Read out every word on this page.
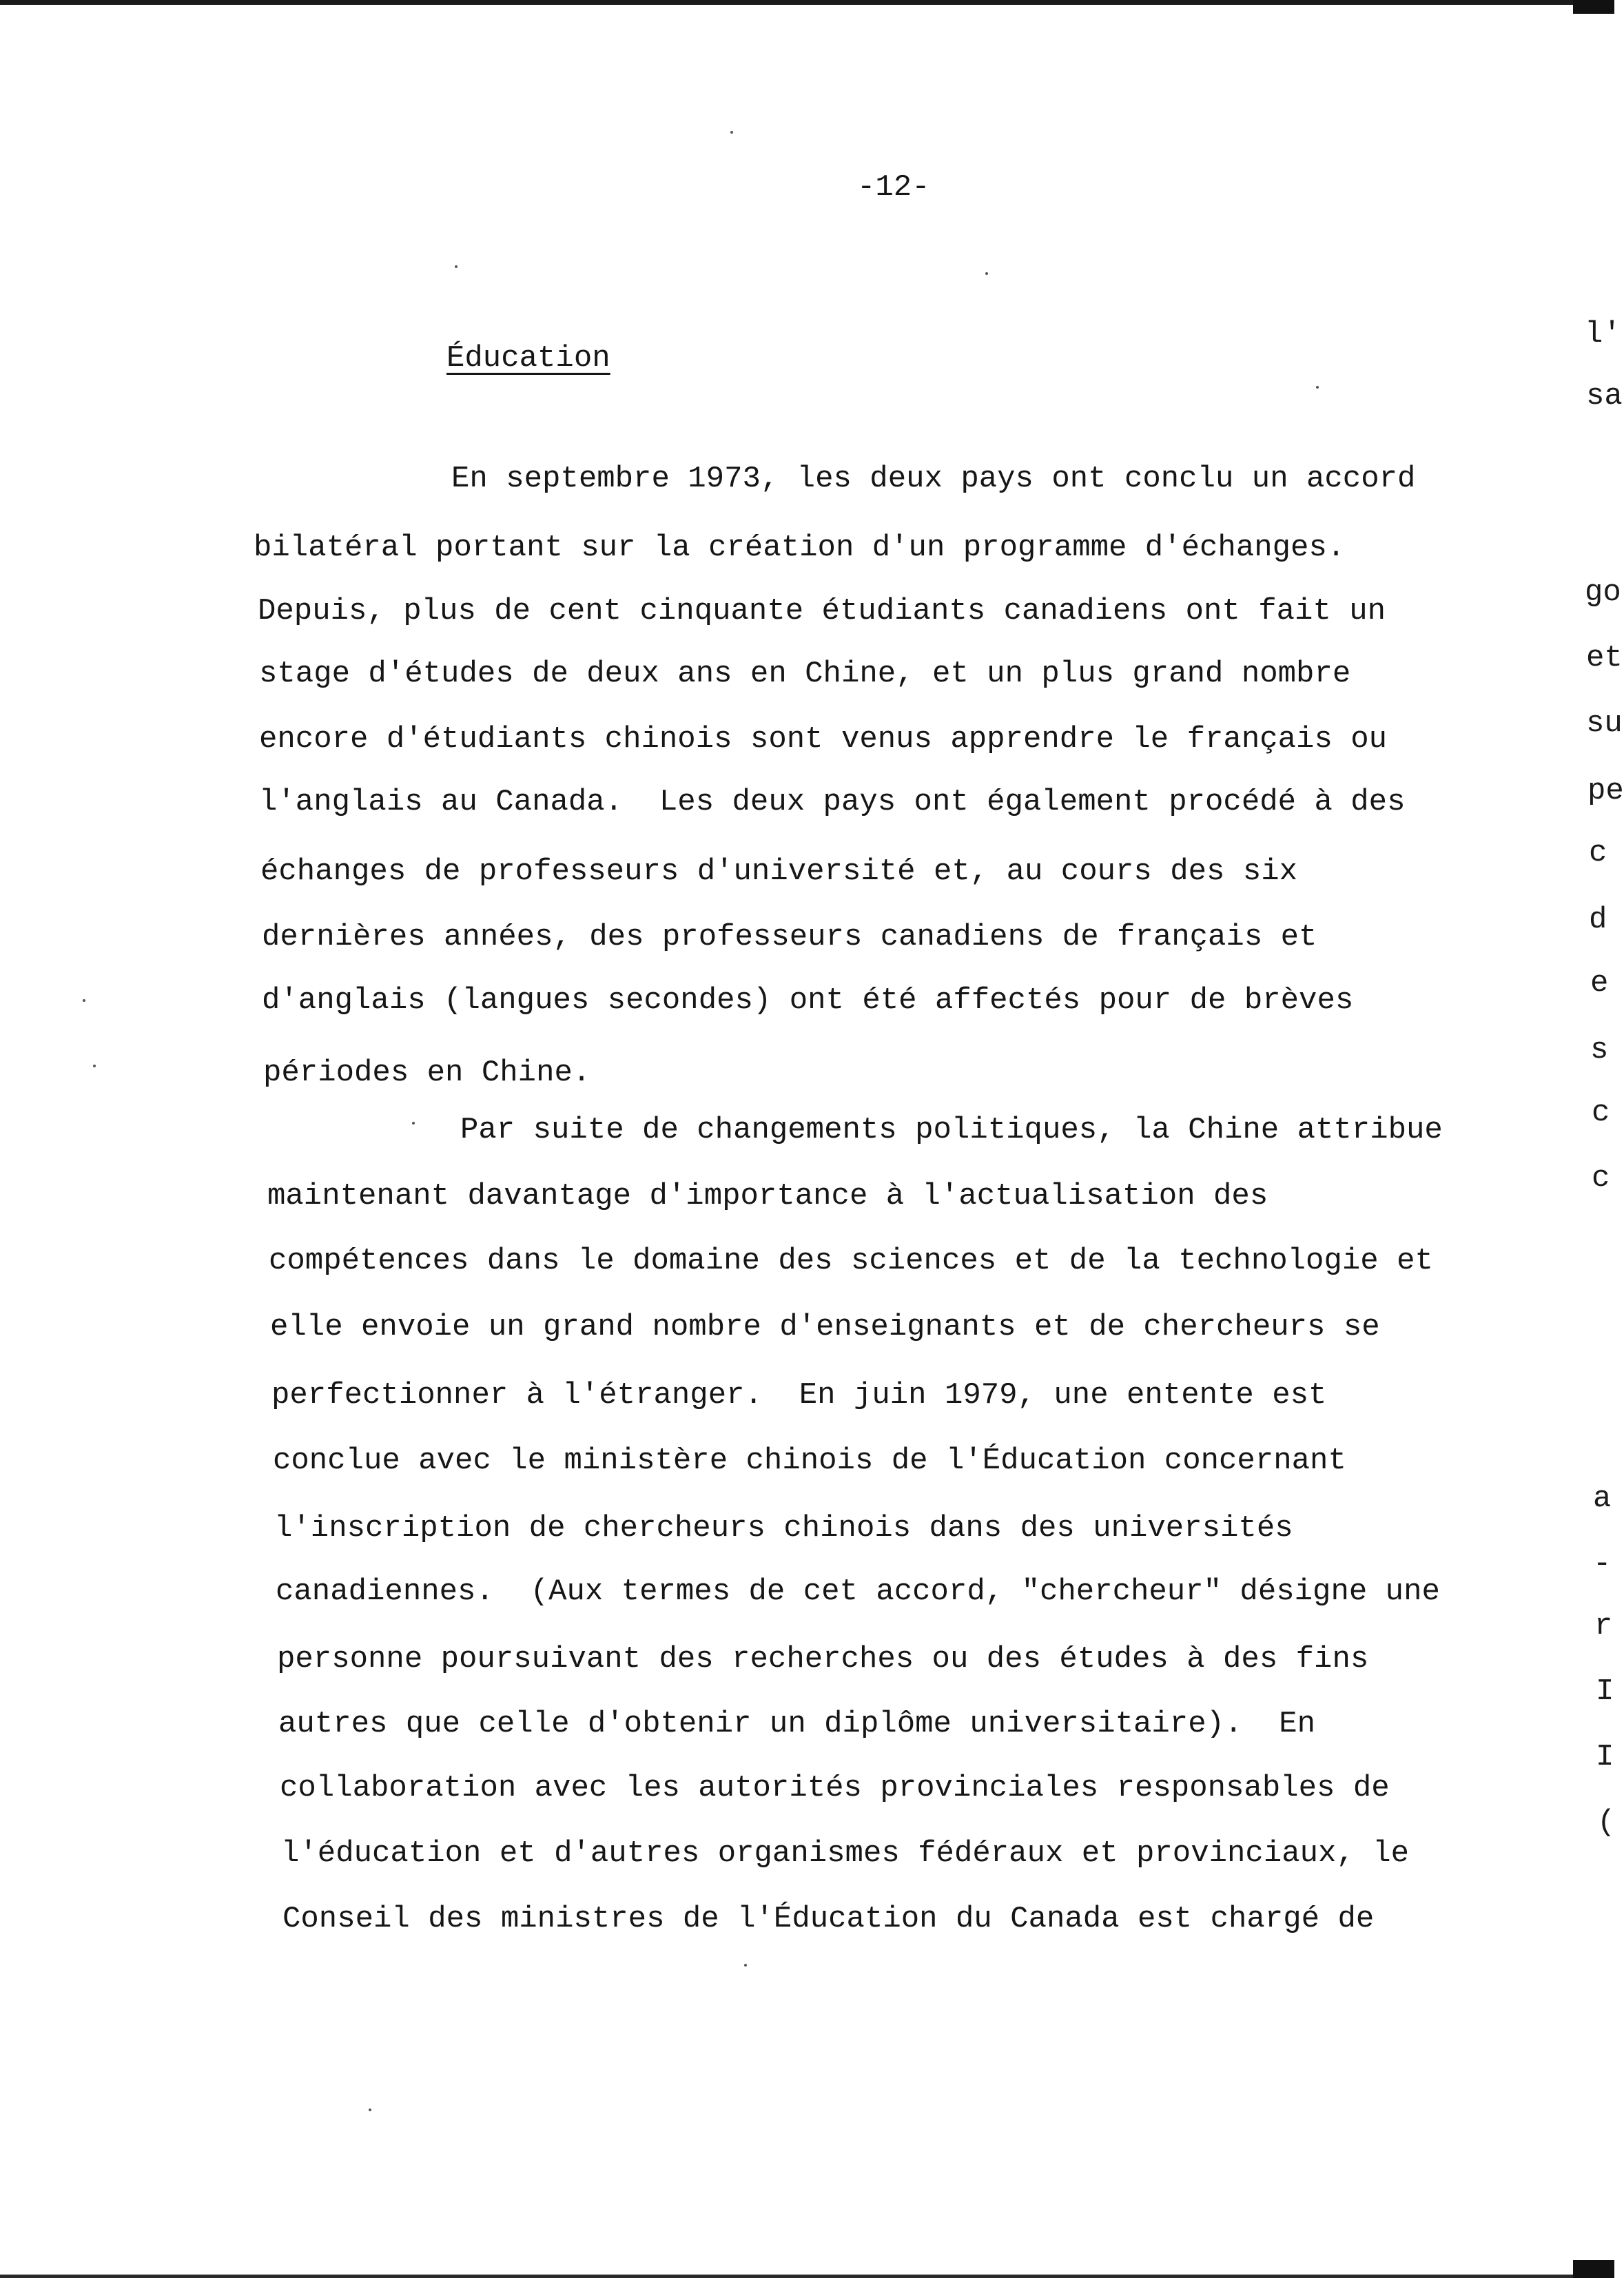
-12-
Éducation
En septembre 1973, les deux pays ont conclu un accord
bilatéral portant sur la création d'un programme d'échanges.
Depuis, plus de cent cinquante étudiants canadiens ont fait un
stage d'études de deux ans en Chine, et un plus grand nombre
encore d'étudiants chinois sont venus apprendre le français ou
l'anglais au Canada.  Les deux pays ont également procédé à des
échanges de professeurs d'université et, au cours des six
dernières années, des professeurs canadiens de français et
d'anglais (langues secondes) ont été affectés pour de brèves
périodes en Chine.
Par suite de changements politiques, la Chine attribue
maintenant davantage d'importance à l'actualisation des
compétences dans le domaine des sciences et de la technologie et
elle envoie un grand nombre d'enseignants et de chercheurs se
perfectionner à l'étranger.  En juin 1979, une entente est
conclue avec le ministère chinois de l'Éducation concernant
l'inscription de chercheurs chinois dans des universités
canadiennes.  (Aux termes de cet accord, "chercheur" désigne une
personne poursuivant des recherches ou des études à des fins
autres que celle d'obtenir un diplôme universitaire).  En
collaboration avec les autorités provinciales responsables de
l'éducation et d'autres organismes fédéraux et provinciaux, le
Conseil des ministres de l'Éducation du Canada est chargé de
l'
sa
go
et
su
pe
c
d
e
s
c
c
a
-
r
I
I
(
